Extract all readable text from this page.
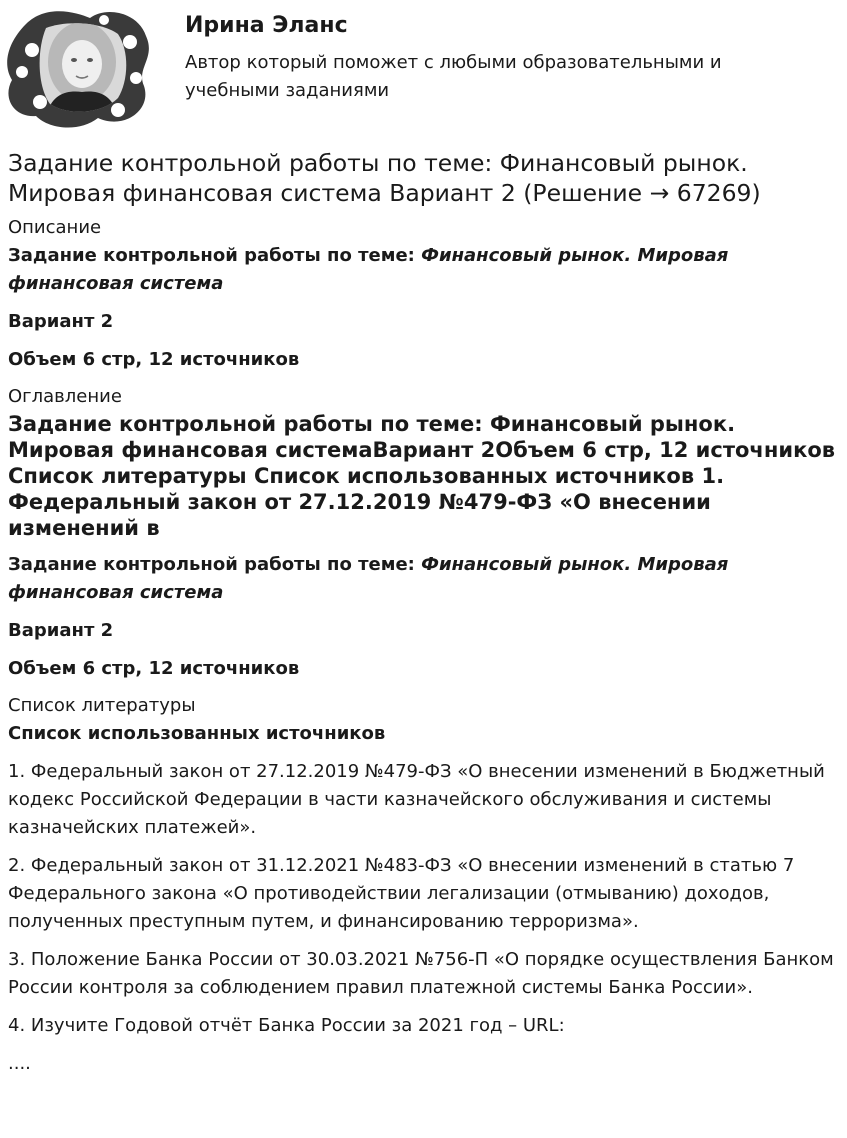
Ирина Эланс

Автор который поможет с любыми образовательными и учебными заданиями

Задание контрольной работы по теме: Финансовый рынок. Мировая финансовая система Вариант 2 (Решение → 67269)
Описание

Задание контрольной работы по теме: Финансовый рынок. Мировая финансовая система

Вариант 2

Объем 6 стр, 12 источников

Оглавление

Задание контрольной работы по теме: Финансовый рынок. Мировая финансовая системаВариант 2Объем 6 стр, 12 источников Список литературы Список использованных источников 1. Федеральный закон от 27.12.2019 №479-ФЗ «О внесении изменений в

Задание контрольной работы по теме: Финансовый рынок. Мировая финансовая система

Вариант 2

Объем 6 стр, 12 источников

Список литературы

Список использованных источников

1. Федеральный закон от 27.12.2019 №479-ФЗ «О внесении изменений в Бюджетный кодекс Российской Федерации в части казначейского обслуживания и системы казначейских платежей».

2. Федеральный закон от 31.12.2021 №483-ФЗ «О внесении изменений в статью 7 Федерального закона «О противодействии легализации (отмыванию) доходов, полученных преступным путем, и финансированию терроризма».

3. Положение Банка России от 30.03.2021 №756-П «О порядке осуществления Банком России контроля за соблюдением правил платежной системы Банка России».

4. Изучите Годовой отчёт Банка России за 2021 год – URL:

....
